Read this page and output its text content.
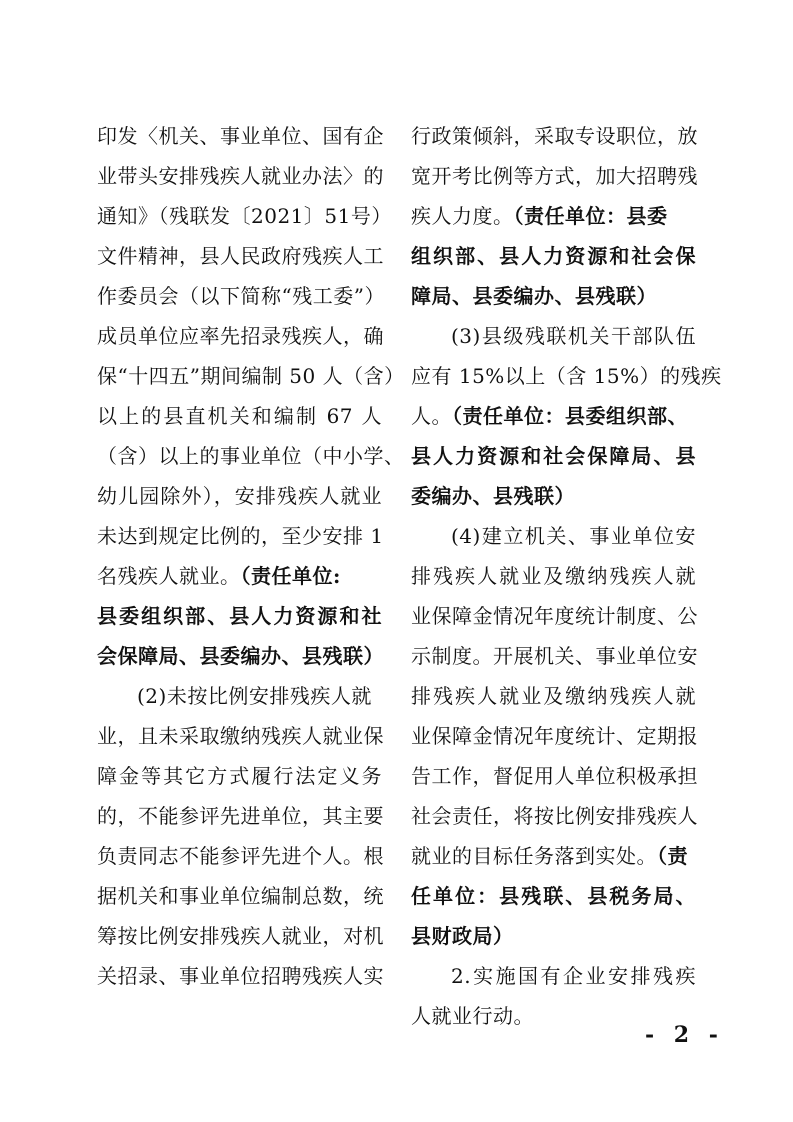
印发〈机关、事业单位、国有企
业带头安排残疾人就业办法〉的
通知》（残联发〔2021〕51号）
文件精神，县人民政府残疾人工
作委员会（以下简称“残工委”）
成员单位应率先招录残疾人，确
保“十四五”期间编制 50 人（含）
以上的县直机关和编制 67 人
（含）以上的事业单位（中小学、
幼儿园除外），安排残疾人就业
未达到规定比例的，至少安排 1
名残疾人就业。（责任单位:
县委组织部、县人力资源和社
会保障局、县委编办、县残联）
(2)未按比例安排残疾人就
业，且未采取缴纳残疾人就业保
障金等其它方式履行法定义务
的，不能参评先进单位，其主要
负责同志不能参评先进个人。根
据机关和事业单位编制总数，统
筹按比例安排残疾人就业，对机
关招录、事业单位招聘残疾人实
行政策倾斜，采取专设职位，放
宽开考比例等方式，加大招聘残
疾人力度。（责任单位：县委
组织部、县人力资源和社会保
障局、县委编办、县残联）
(3)县级残联机关干部队伍
应有 15%以上（含 15%）的残疾
人。（责任单位：县委组织部、
县人力资源和社会保障局、县
委编办、县残联）
(4)建立机关、事业单位安
排残疾人就业及缴纳残疾人就
业保障金情况年度统计制度、公
示制度。开展机关、事业单位安
排残疾人就业及缴纳残疾人就
业保障金情况年度统计、定期报
告工作，督促用人单位积极承担
社会责任，将按比例安排残疾人
就业的目标任务落到实处。（责
任单位：县残联、县税务局、
县财政局）
2.实施国有企业安排残疾
人就业行动。
- 2 -
